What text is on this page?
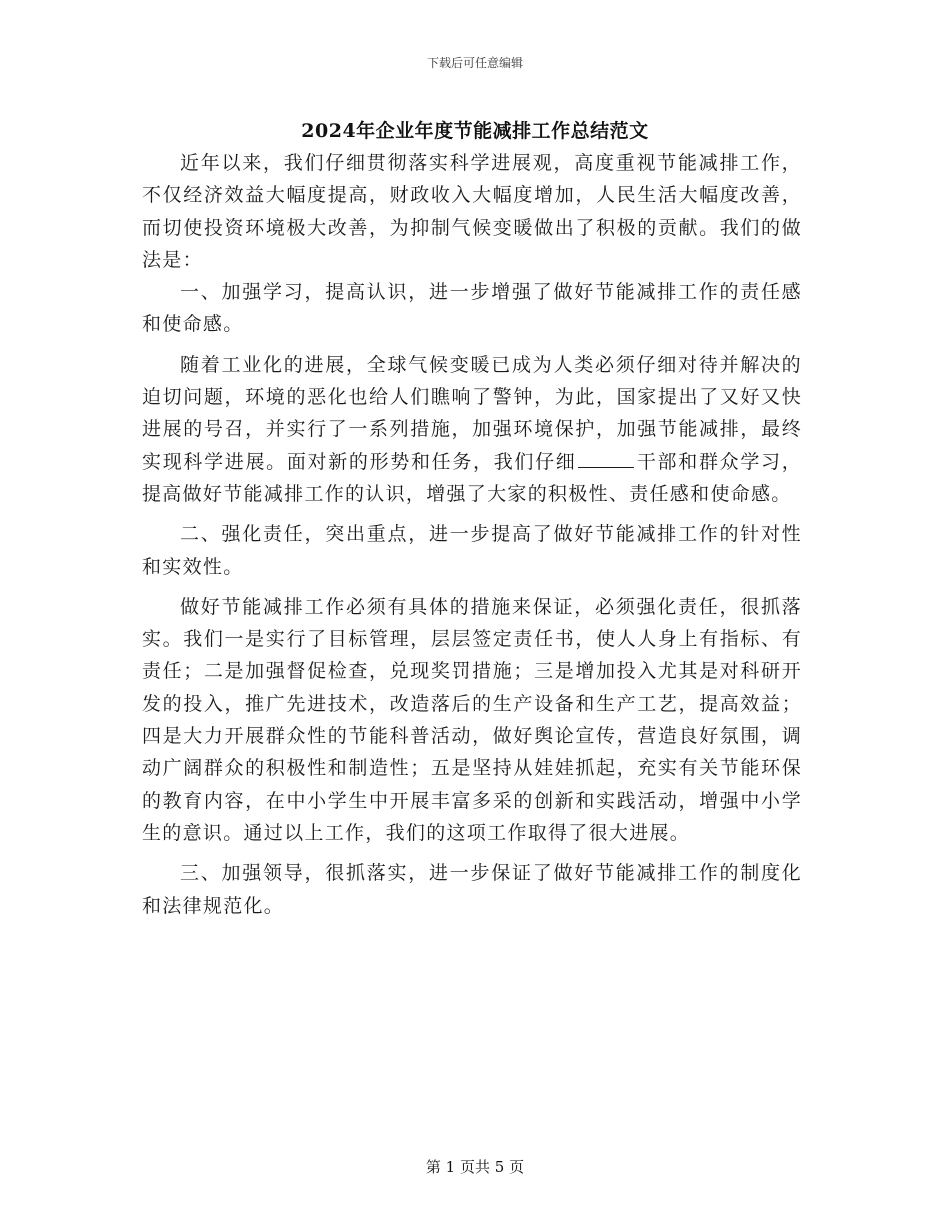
下载后可任意编辑
2024年企业年度节能减排工作总结范文

近年以来，我们仔细贯彻落实科学进展观，高度重视节能减排工作，不仅经济效益大幅度提高，财政收入大幅度增加，人民生活大幅度改善，而切使投资环境极大改善，为抑制气候变暖做出了积极的贡献。我们的做法是：

一、加强学习，提高认识，进一步增强了做好节能减排工作的责任感和使命感。

随着工业化的进展，全球气候变暖已成为人类必须仔细对待并解决的迫切问题，环境的恶化也给人们瞧响了警钟，为此，国家提出了又好又快进展的号召，并实行了一系列措施，加强环境保护，加强节能减排，最终实现科学进展。面对新的形势和任务，我们仔细	干部和群众学习，提高做好节能减排工作的认识，增强了大家的积极性、责任感和使命感。

二、强化责任，突出重点，进一步提高了做好节能减排工作的针对性和实效性。

做好节能减排工作必须有具体的措施来保证，必须强化责任，很抓落实。我们一是实行了目标管理，层层签定责任书，使人人身上有指标、有责任；二是加强督促检查，兑现奖罚措施；三是增加投入尤其是对科研开发的投入，推广先进技术，改造落后的生产设备和生产工艺，提高效益；四是大力开展群众性的节能科普活动，做好舆论宣传，营造良好氛围，调动广阔群众的积极性和制造性；五是坚持从娃娃抓起，充实有关节能环保的教育内容，在中小学生中开展丰富多采的创新和实践活动，增强中小学生的意识。通过以上工作，我们的这项工作取得了很大进展。

三、加强领导，很抓落实，进一步保证了做好节能减排工作的制度化和法律规范化。

第 1 页共 5 页
